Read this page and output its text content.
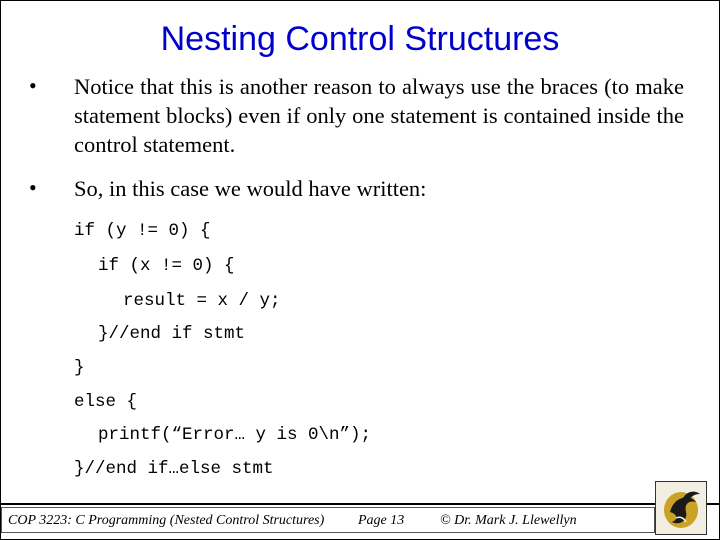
Nesting Control Structures
• Notice that this is another reason to always use the braces (to make statement blocks) even if only one statement is contained inside the control statement.
• So, in this case we would have written:
if (y != 0) {
if (x != 0) {
result = x / y;
}//end if stmt
}
else {
printf(“Error… y is 0\n”);
}//end if…else stmt
COP 3223: C Programming (Nested Control Structures) Page 13	© Dr. Mark J. Llewellyn
